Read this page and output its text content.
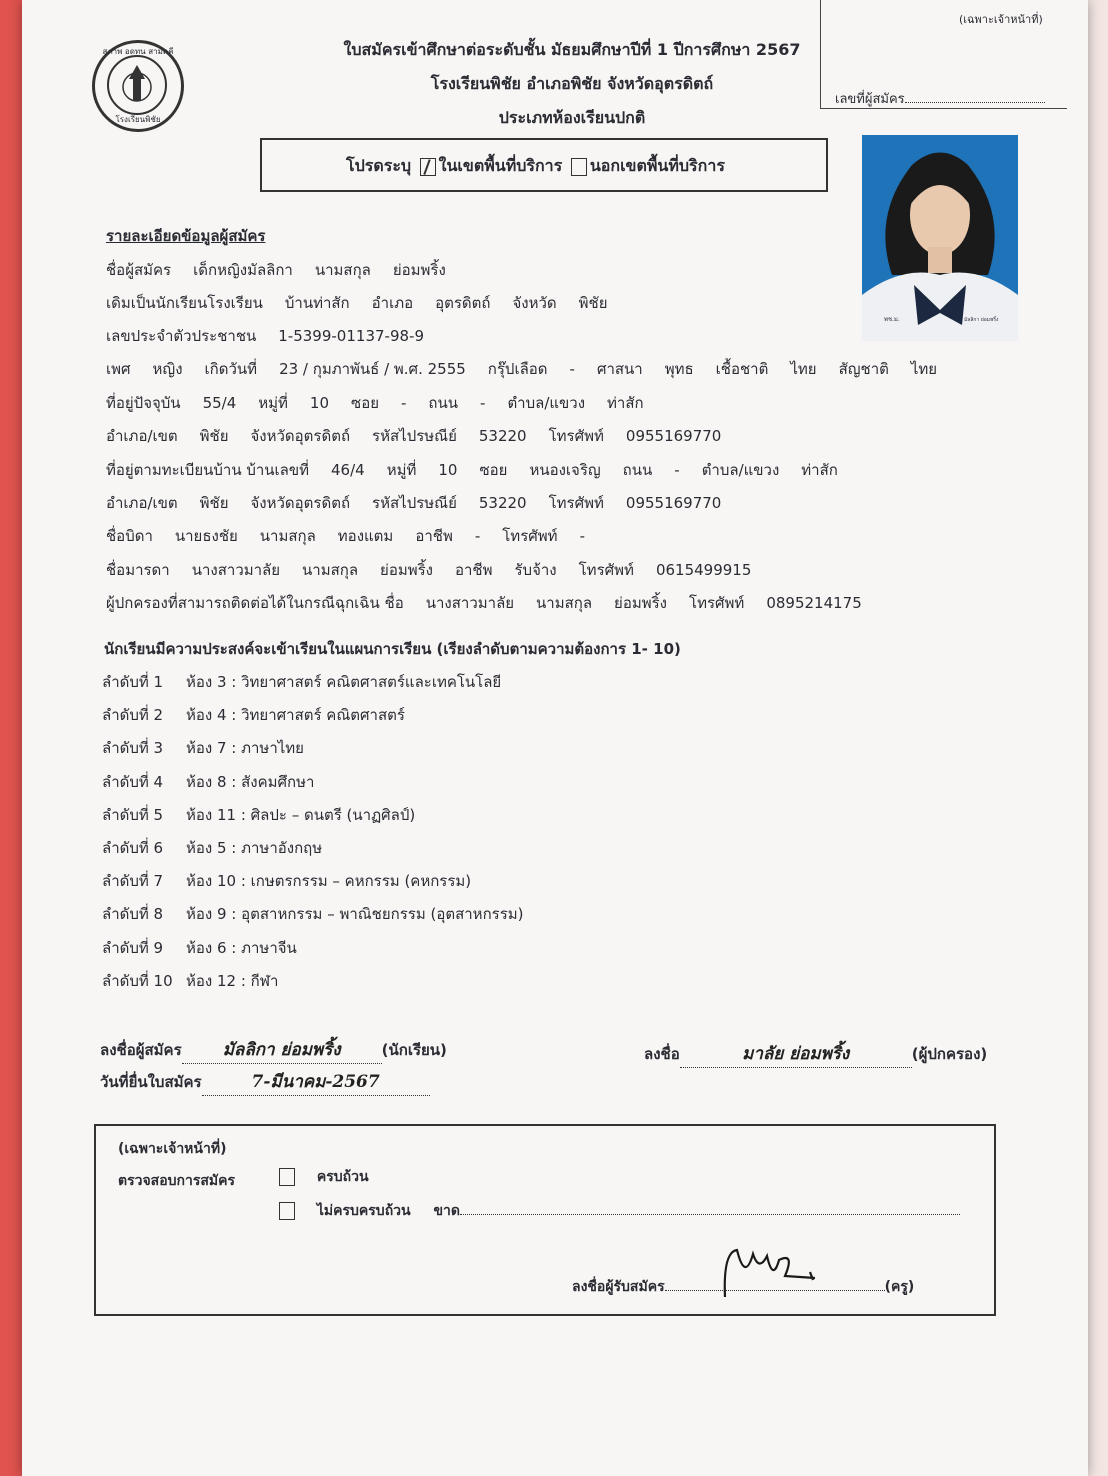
สุภาพ อดทน สามัคคี
โรงเรียนพิชัย
ใบสมัครเข้าศึกษาต่อระดับชั้น มัธยมศึกษาปีที่ 1 ปีการศึกษา 2567
โรงเรียนพิชัย อำเภอพิชัย จังหวัดอุตรดิตถ์
ประเภทห้องเรียนปกติ
(เฉพาะเจ้าหน้าที่)
เลขที่ผู้สมัคร
โปรดระบุ ในเขตพื้นที่บริการ นอกเขตพื้นที่บริการ
พช.ม.	มัลลิกา ย่อมพริ้ง
รายละเอียดข้อมูลผู้สมัคร
ชื่อผู้สมัคร เด็กหญิงมัลลิกา นามสกุล ย่อมพริ้ง
เดิมเป็นนักเรียนโรงเรียน บ้านท่าสัก อำเภอ อุตรดิตถ์ จังหวัด พิชัย
เลขประจำตัวประชาชน 1-5399-01137-98-9
เพศ หญิง เกิดวันที่ 23 / กุมภาพันธ์ / พ.ศ. 2555 กรุ๊ปเลือด - ศาสนา พุทธ เชื้อชาติ ไทย สัญชาติ ไทย
ที่อยู่ปัจจุบัน 55/4 หมู่ที่ 10 ซอย - ถนน - ตำบล/แขวง ท่าสัก
อำเภอ/เขต พิชัย จังหวัดอุตรดิตถ์ รหัสไปรษณีย์ 53220 โทรศัพท์ 0955169770
ที่อยู่ตามทะเบียนบ้าน บ้านเลขที่ 46/4 หมู่ที่ 10 ซอย หนองเจริญ ถนน - ตำบล/แขวง ท่าสัก
อำเภอ/เขต พิชัย จังหวัดอุตรดิตถ์ รหัสไปรษณีย์ 53220 โทรศัพท์ 0955169770
ชื่อบิดา นายธงชัย นามสกุล ทองแตม อาชีพ - โทรศัพท์ -
ชื่อมารดา นางสาวมาลัย นามสกุล ย่อมพริ้ง อาชีพ รับจ้าง โทรศัพท์ 0615499915
ผู้ปกครองที่สามารถติดต่อได้ในกรณีฉุกเฉิน ชื่อ นางสาวมาลัย นามสกุล ย่อมพริ้ง โทรศัพท์ 0895214175
นักเรียนมีความประสงค์จะเข้าเรียนในแผนการเรียน (เรียงลำดับตามความต้องการ 1- 10)
ลำดับที่ 1 ห้อง 3 : วิทยาศาสตร์ คณิตศาสตร์และเทคโนโลยี
ลำดับที่ 2 ห้อง 4 : วิทยาศาสตร์ คณิตศาสตร์
ลำดับที่ 3 ห้อง 7 : ภาษาไทย
ลำดับที่ 4 ห้อง 8 : สังคมศึกษา
ลำดับที่ 5 ห้อง 11 : ศิลปะ – ดนตรี (นาฏศิลป์)
ลำดับที่ 6 ห้อง 5 : ภาษาอังกฤษ
ลำดับที่ 7 ห้อง 10 : เกษตรกรรม – คหกรรม (คหกรรม)
ลำดับที่ 8 ห้อง 9 : อุตสาหกรรม – พาณิชยกรรม (อุตสาหกรรม)
ลำดับที่ 9 ห้อง 6 : ภาษาจีน
ลำดับที่ 10 ห้อง 12 : กีฬา
ลงชื่อผู้สมัคร มัลลิกา ย่อมพริ้ง	(นักเรียน)
วันที่ยื่นใบสมัคร	7-มีนาคม-2567
ลงชื่อ	มาลัย ย่อมพริ้ง	(ผู้ปกครอง)
(เฉพาะเจ้าหน้าที่)
ตรวจสอบการสมัคร	ครบถ้วน
ไม่ครบครบถ้วน ขาด
ลงชื่อผู้รับสมัคร	(ครู)
